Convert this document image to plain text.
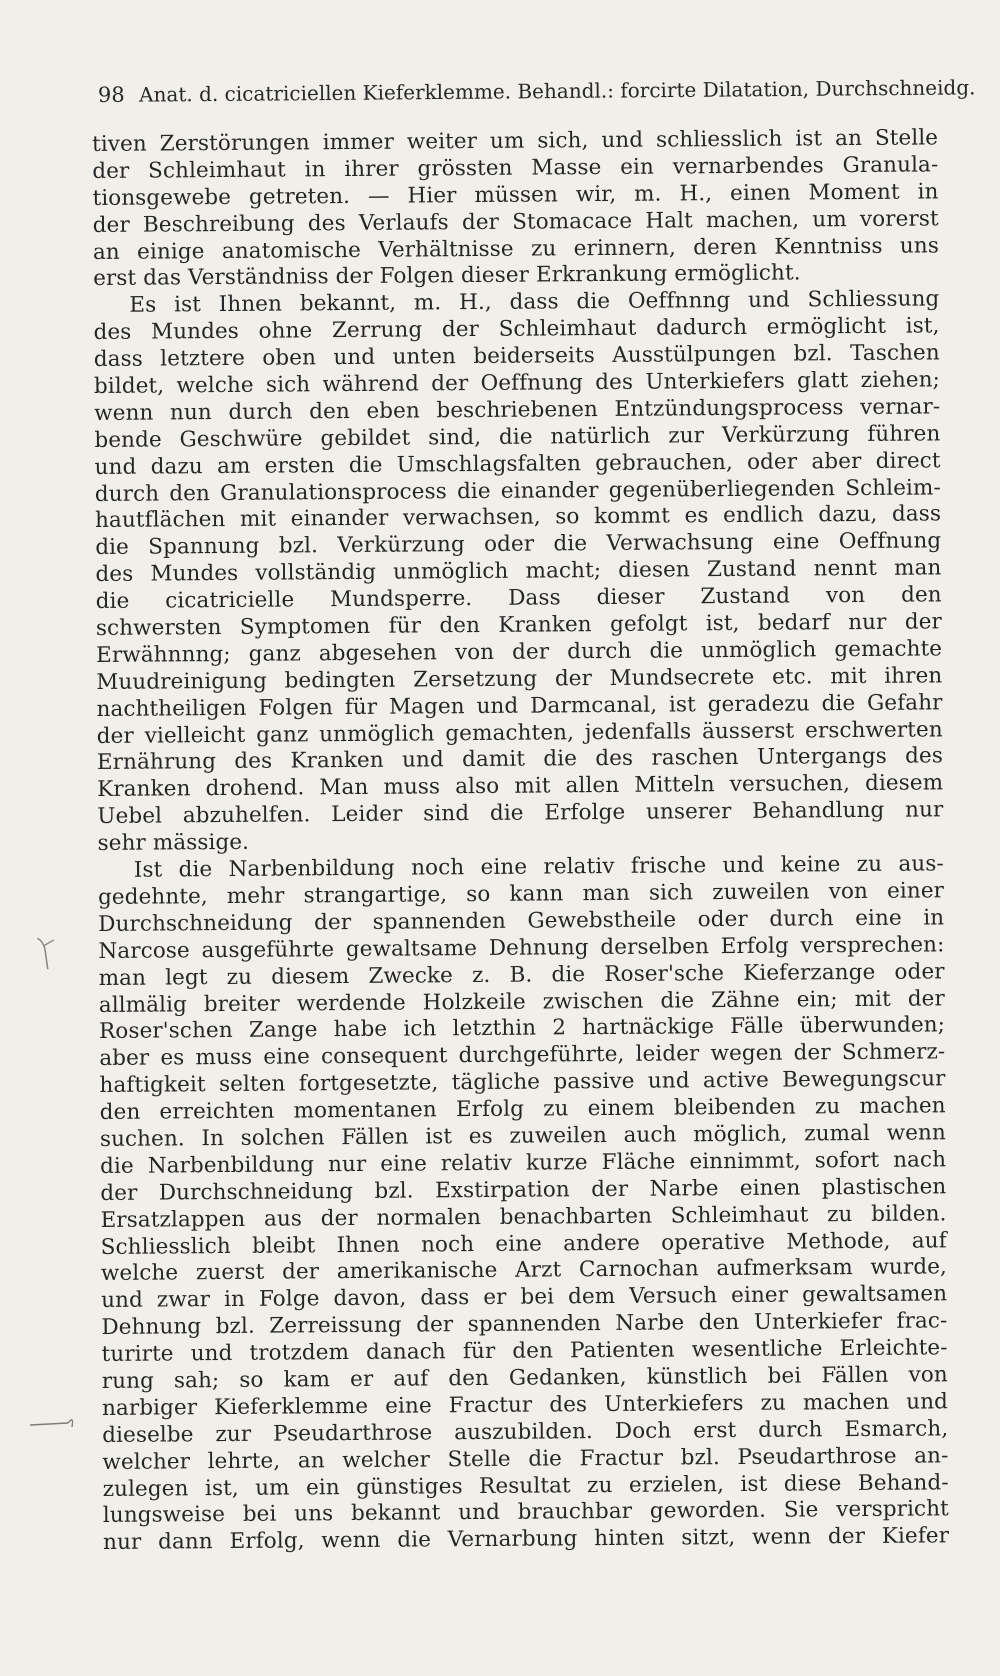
98 Anat. d. cicatriciellen Kieferklemme. Behandl.: forcirte Dilatation, Durchschneidg.
tiven Zerstörungen immer weiter um sich, und schliesslich ist an Stelle
der Schleimhaut in ihrer grössten Masse ein vernarbendes Granula-
tionsgewebe getreten. — Hier müssen wir, m. H., einen Moment in
der Beschreibung des Verlaufs der Stomacace Halt machen, um vorerst
an einige anatomische Verhältnisse zu erinnern, deren Kenntniss uns
erst das Verständniss der Folgen dieser Erkrankung ermöglicht.
Es ist Ihnen bekannt, m. H., dass die Oeffnnng und Schliessung
des Mundes ohne Zerrung der Schleimhaut dadurch ermöglicht ist,
dass letztere oben und unten beiderseits Ausstülpungen bzl. Taschen
bildet, welche sich während der Oeffnung des Unterkiefers glatt ziehen;
wenn nun durch den eben beschriebenen Entzündungsprocess vernar-
bende Geschwüre gebildet sind, die natürlich zur Verkürzung führen
und dazu am ersten die Umschlagsfalten gebrauchen, oder aber direct
durch den Granulationsprocess die einander gegenüberliegenden Schleim-
hautflächen mit einander verwachsen, so kommt es endlich dazu, dass
die Spannung bzl. Verkürzung oder die Verwachsung eine Oeffnung
des Mundes vollständig unmöglich macht; diesen Zustand nennt man
die cicatricielle Mundsperre. Dass dieser Zustand von den
schwersten Symptomen für den Kranken gefolgt ist, bedarf nur der
Erwähnnng; ganz abgesehen von der durch die unmöglich gemachte
Muudreinigung bedingten Zersetzung der Mundsecrete etc. mit ihren
nachtheiligen Folgen für Magen und Darmcanal, ist geradezu die Gefahr
der vielleicht ganz unmöglich gemachten, jedenfalls äusserst erschwerten
Ernährung des Kranken und damit die des raschen Untergangs des
Kranken drohend. Man muss also mit allen Mitteln versuchen, diesem
Uebel abzuhelfen. Leider sind die Erfolge unserer Behandlung nur
sehr mässige.
Ist die Narbenbildung noch eine relativ frische und keine zu aus-
gedehnte, mehr strangartige, so kann man sich zuweilen von einer
Durchschneidung der spannenden Gewebstheile oder durch eine in
Narcose ausgeführte gewaltsame Dehnung derselben Erfolg versprechen:
man legt zu diesem Zwecke z. B. die Roser'sche Kieferzange oder
allmälig breiter werdende Holzkeile zwischen die Zähne ein; mit der
Roser'schen Zange habe ich letzthin 2 hartnäckige Fälle überwunden;
aber es muss eine consequent durchgeführte, leider wegen der Schmerz-
haftigkeit selten fortgesetzte, tägliche passive und active Bewegungscur
den erreichten momentanen Erfolg zu einem bleibenden zu machen
suchen. In solchen Fällen ist es zuweilen auch möglich, zumal wenn
die Narbenbildung nur eine relativ kurze Fläche einnimmt, sofort nach
der Durchschneidung bzl. Exstirpation der Narbe einen plastischen
Ersatzlappen aus der normalen benachbarten Schleimhaut zu bilden.
Schliesslich bleibt Ihnen noch eine andere operative Methode, auf
welche zuerst der amerikanische Arzt Carnochan aufmerksam wurde,
und zwar in Folge davon, dass er bei dem Versuch einer gewaltsamen
Dehnung bzl. Zerreissung der spannenden Narbe den Unterkiefer frac-
turirte und trotzdem danach für den Patienten wesentliche Erleichte-
rung sah; so kam er auf den Gedanken, künstlich bei Fällen von
narbiger Kieferklemme eine Fractur des Unterkiefers zu machen und
dieselbe zur Pseudarthrose auszubilden. Doch erst durch Esmarch,
welcher lehrte, an welcher Stelle die Fractur bzl. Pseudarthrose an-
zulegen ist, um ein günstiges Resultat zu erzielen, ist diese Behand-
lungsweise bei uns bekannt und brauchbar geworden. Sie verspricht
nur dann Erfolg, wenn die Vernarbung hinten sitzt, wenn der Kiefer
